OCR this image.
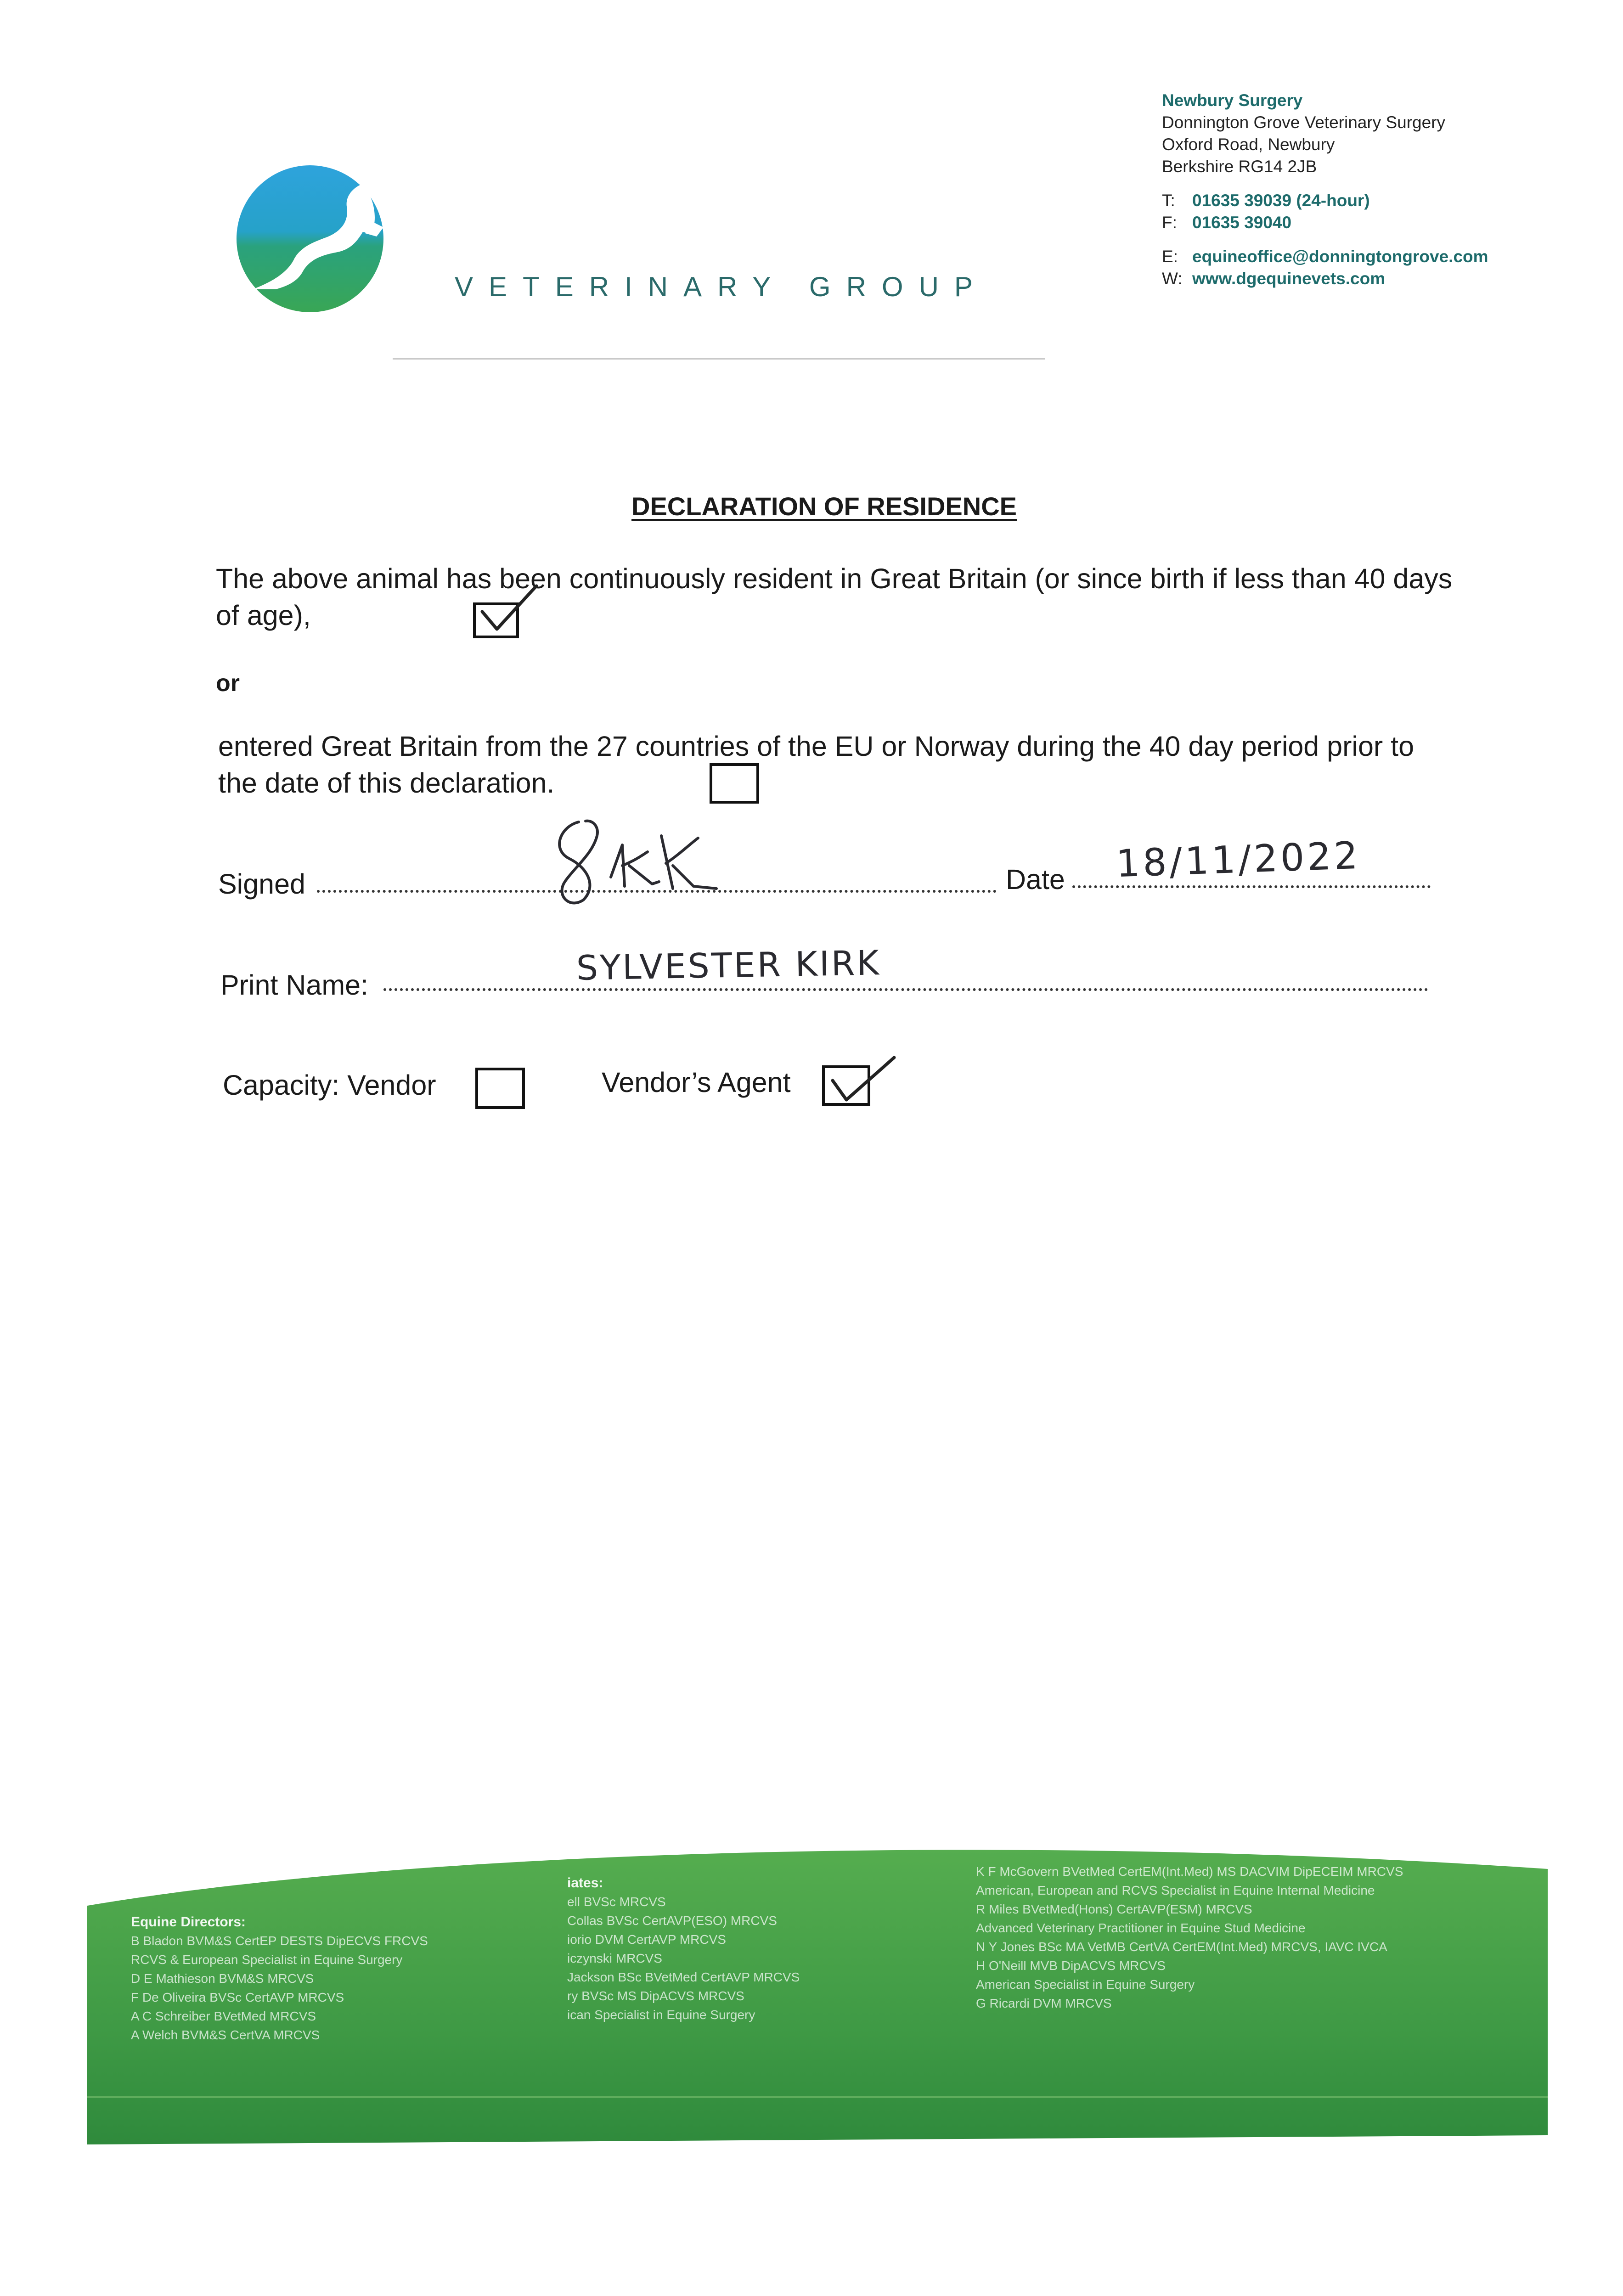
VETERINARY GROUP
Newbury Surgery
Donnington Grove Veterinary Surgery
Oxford Road, Newbury
Berkshire RG14 2JB
T: 01635 39039 (24-hour)
F: 01635 39040
E: equineoffice@donningtongrove.com
W: www.dgequinevets.com
DECLARATION OF RESIDENCE
The above animal has been continuously resident in Great Britain (or since birth if less than 40 days of age),
or
entered Great Britain from the 27 countries of the EU or Norway during the 40 day period prior to the date of this declaration.
Signed	Date 18/11/2022
Print Name:	SYLVESTER KIRK
Capacity: Vendor	Vendor’s Agent
Equine Directors:
B Bladon BVM&S CertEP DESTS DipECVS FRCVS
RCVS & European Specialist in Equine Surgery
D E Mathieson BVM&S MRCVS
F De Oliveira BVSc CertAVP MRCVS
A C Schreiber BVetMed MRCVS
A Welch BVM&S CertVA MRCVS
iates:
ell BVSc MRCVS
Collas BVSc CertAVP(ESO) MRCVS
iorio DVM CertAVP MRCVS
iczynski MRCVS
Jackson BSc BVetMed CertAVP MRCVS
ry BVSc MS DipACVS MRCVS
ican Specialist in Equine Surgery
K F McGovern BVetMed CertEM(Int.Med) MS DACVIM DipECEIM MRCVS
American, European and RCVS Specialist in Equine Internal Medicine
R Miles BVetMed(Hons) CertAVP(ESM) MRCVS
Advanced Veterinary Practitioner in Equine Stud Medicine
N Y Jones BSc MA VetMB CertVA CertEM(Int.Med) MRCVS, IAVC IVCA
H O'Neill MVB DipACVS MRCVS
American Specialist in Equine Surgery
G Ricardi DVM MRCVS
